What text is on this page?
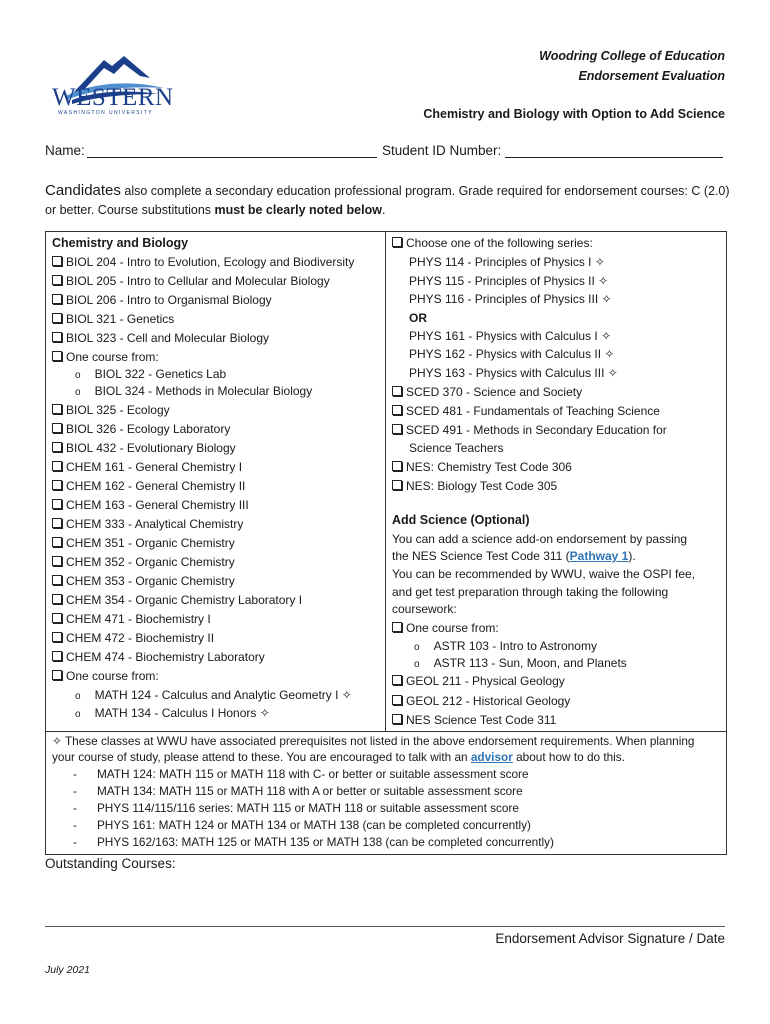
WESTERN
WASHINGTON UNIVERSITY
Woodring College of Education
Endorsement Evaluation
Chemistry and Biology with Option to Add Science
Name:	Student ID Number:
Candidates also complete a secondary education professional program. Grade required for endorsement courses: C (2.0) or better. Course substitutions must be clearly noted below.
Chemistry and Biology
✧ These classes at WWU have associated prerequisites not listed in the above endorsement requirements. When planning
your course of study, please attend to these. You are encouraged to talk with an advisor about how to do this.
- MATH 124: MATH 115 or MATH 118 with C- or better or suitable assessment score
- MATH 134: MATH 115 or MATH 118 with A or better or suitable assessment score
- PHYS 114/115/116 series: MATH 115 or MATH 118 or suitable assessment score
- PHYS 161: MATH 124 or MATH 134 or MATH 138 (can be completed concurrently)
- PHYS 162/163: MATH 125 or MATH 135 or MATH 138 (can be completed concurrently)
Outstanding Courses:
Endorsement Advisor Signature / Date
July 2021
BIOL 204 - Intro to Evolution, Ecology and Biodiversity
BIOL 205 - Intro to Cellular and Molecular Biology
BIOL 206 - Intro to Organismal Biology
BIOL 321 - Genetics
BIOL 323 - Cell and Molecular Biology
One course from:
o BIOL 322 - Genetics Lab
o BIOL 324 - Methods in Molecular Biology
BIOL 325 - Ecology
BIOL 326 - Ecology Laboratory
BIOL 432 - Evolutionary Biology
CHEM 161 - General Chemistry I
CHEM 162 - General Chemistry II
CHEM 163 - General Chemistry III
CHEM 333 - Analytical Chemistry
CHEM 351 - Organic Chemistry
CHEM 352 - Organic Chemistry
CHEM 353 - Organic Chemistry
CHEM 354 - Organic Chemistry Laboratory I
CHEM 471 - Biochemistry I
CHEM 472 - Biochemistry II
CHEM 474 - Biochemistry Laboratory
One course from:
o MATH 124 - Calculus and Analytic Geometry I ✧
o MATH 134 - Calculus I Honors ✧
Choose one of the following series:
PHYS 114 - Principles of Physics I ✧
PHYS 115 - Principles of Physics II ✧
PHYS 116 - Principles of Physics III ✧
OR
PHYS 161 - Physics with Calculus I ✧
PHYS 162 - Physics with Calculus II ✧
PHYS 163 - Physics with Calculus III ✧
SCED 370 - Science and Society
SCED 481 - Fundamentals of Teaching Science
SCED 491 - Methods in Secondary Education for
Science Teachers
NES: Chemistry Test Code 306
NES: Biology Test Code 305
Add Science (Optional)
You can add a science add-on endorsement by passing
the NES Science Test Code 311 (Pathway 1).
You can be recommended by WWU, waive the OSPI fee,
and get test preparation through taking the following
coursework:
One course from:
o ASTR 103 - Intro to Astronomy
o ASTR 113 - Sun, Moon, and Planets
GEOL 211 - Physical Geology
GEOL 212 - Historical Geology
NES Science Test Code 311
